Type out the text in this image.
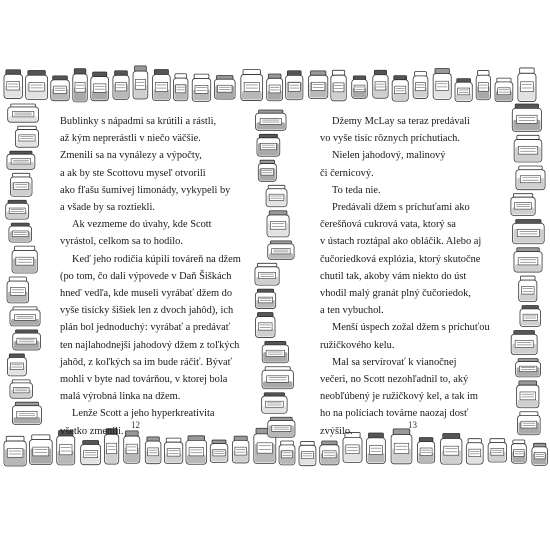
Bublinky s nápadmi sa krútili a rástli,

až kým neprerástli v niečo väčšie.

Zmenili sa na vynálezy a výpočty,

a ak by ste Scottovu myseľ otvorili

ako fľašu šumivej limonády, vykypeli by

a všade by sa roztiekli.

Ak vezmeme do úvahy, kde Scott

vyrástol, celkom sa to hodilo.

Keď jeho rodičia kúpili továreň na džem

(po tom, čo dali výpovede v Daň Šiškách

hneď vedľa, kde museli vyrábať džem do

vyše tisícky šišiek len z dvoch jahôd), ich

plán bol jednoduchý: vyrábať a predávať

ten najlahodnejší jahodový džem z toľkých

jahôd, z koľkých sa im bude ráčiť. Bývať

mohli v byte nad továrňou, v ktorej bola

malá výrobná linka na džem.

Lenže Scott a jeho hyperkreativita

všetko zmenili.

Džemy McLay sa teraz predávali

vo vyše tisíc rôznych príchutiach.

Nielen jahodový, malinový

či černicový.

To teda nie.

Predávali džem s príchuťami ako

čerešňová cukrová vata, ktorý sa

v ústach roztápal ako obláčik. Alebo aj

čučoriedková explózia, ktorý skutočne

chutil tak, akoby vám niekto do úst

vhodil malý granát plný čučoriedok,

a ten vybuchol.

Menší úspech zožal džem s príchuťou

ružičkového kelu.

Mal sa servírovať k vianočnej

večeri, no Scott nezohľadnil to, aký

neobľúbený je ružičkový kel, a tak im

ho na políciach továrne naozaj dosť

zvýšilo.

12	13
